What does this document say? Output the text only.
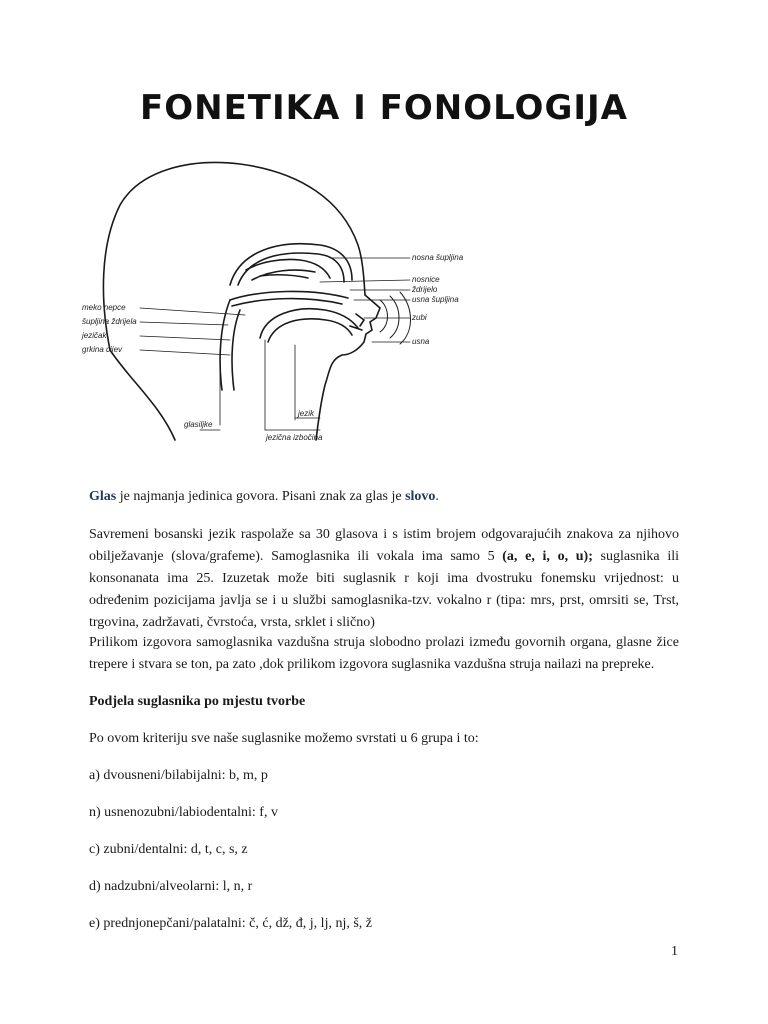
FONETIKA I FONOLOGIJA
nosna šupljina
nosnice
ždrijelo
usna šupljina
zubi
usna
meko nepce
šupljina ždrijela
jezičak
grkina cijev
glasiljke
jezik
jezična izbočina

Glas je najmanja jedinica govora. Pisani znak za glas je slovo.

Savremeni bosanski jezik raspolaže sa 30 glasova i s istim brojem odgovarajućih znakova za njihovo obilježavanje (slova/grafeme). Samoglasnika ili vokala ima samo 5 (a, e, i, o, u); suglasnika ili konsonanata ima 25. Izuzetak može biti suglasnik r koji ima dvostruku fonemsku vrijednost: u određenim pozicijama javlja se i u službi samoglasnika-tzv. vokalno r (tipa: mrs, prst, omrsiti se, Trst, trgovina, zadržavati, čvrstoća, vrsta, srklet i slično)

Prilikom izgovora samoglasnika vazdušna struja slobodno prolazi između govornih organa, glasne žice trepere i stvara se ton, pa zato ,dok prilikom izgovora suglasnika vazdušna struja nailazi na prepreke.

Podjela suglasnika po mjestu tvorbe

Po ovom kriteriju sve naše suglasnike možemo svrstati u 6 grupa i to:

a) dvousneni/bilabijalni: b, m, p

n) usnenozubni/labiodentalni: f, v

c) zubni/dentalni: d, t, c, s, z

d) nadzubni/alveolarni: l, n, r

e) prednjonepčani/palatalni: č, ć, dž, đ, j, lj, nj, š, ž

1
